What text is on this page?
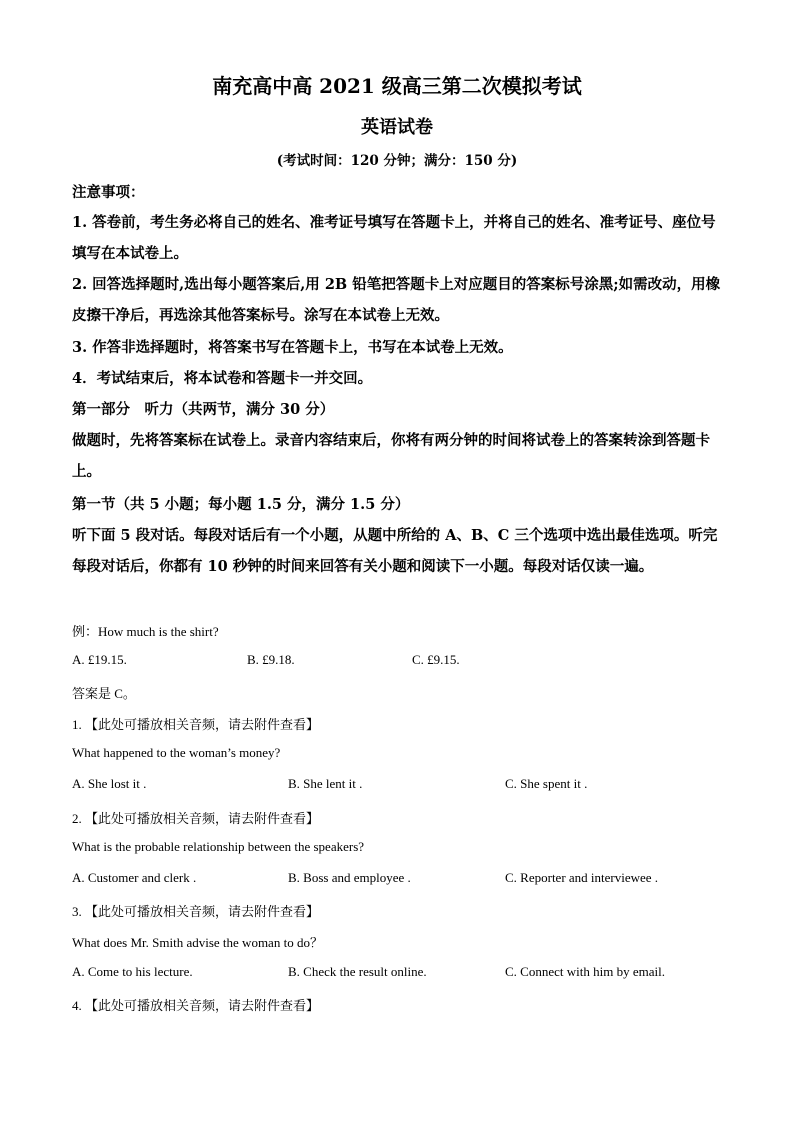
南充高中高 2021 级高三第二次模拟考试
英语试卷
(考试时间：120 分钟；满分：150 分)
注意事项：
1. 答卷前，考生务必将自己的姓名、准考证号填写在答题卡上，并将自己的姓名、准考证号、座位号填写在本试卷上。
2. 回答选择题时,选出每小题答案后,用 2B 铅笔把答题卡上对应题目的答案标号涂黑;如需改动，用橡皮擦干净后，再选涂其他答案标号。涂写在本试卷上无效。
3. 作答非选择题时，将答案书写在答题卡上，书写在本试卷上无效。
4．考试结束后，将本试卷和答题卡一并交回。
第一部分　听力（共两节，满分 30 分）
做题时，先将答案标在试卷上。录音内容结束后，你将有两分钟的时间将试卷上的答案转涂到答题卡上。
第一节（共 5 小题；每小题 1.5 分，满分 1.5 分）
听下面 5 段对话。每段对话后有一个小题，从题中所给的 A、B、C 三个选项中选出最佳选项。听完每段对话后，你都有 10 秒钟的时间来回答有关小题和阅读下一小题。每段对话仅读一遍。
例：How much is the shirt?
A. £19.15.	B. £9.18.	C. £9.15.
答案是 C。
1. 【此处可播放相关音频，请去附件查看】
What happened to the woman’s money?
A. She lost it .	B. She lent it .	C. She spent it .
2. 【此处可播放相关音频，请去附件查看】
What is the probable relationship between the speakers?
A. Customer and clerk .	B. Boss and employee .	C. Reporter and interviewee .
3. 【此处可播放相关音频，请去附件查看】
What does Mr. Smith advise the woman to do？
A. Come to his lecture.	B. Check the result online.	C. Connect with him by email.
4. 【此处可播放相关音频，请去附件查看】
